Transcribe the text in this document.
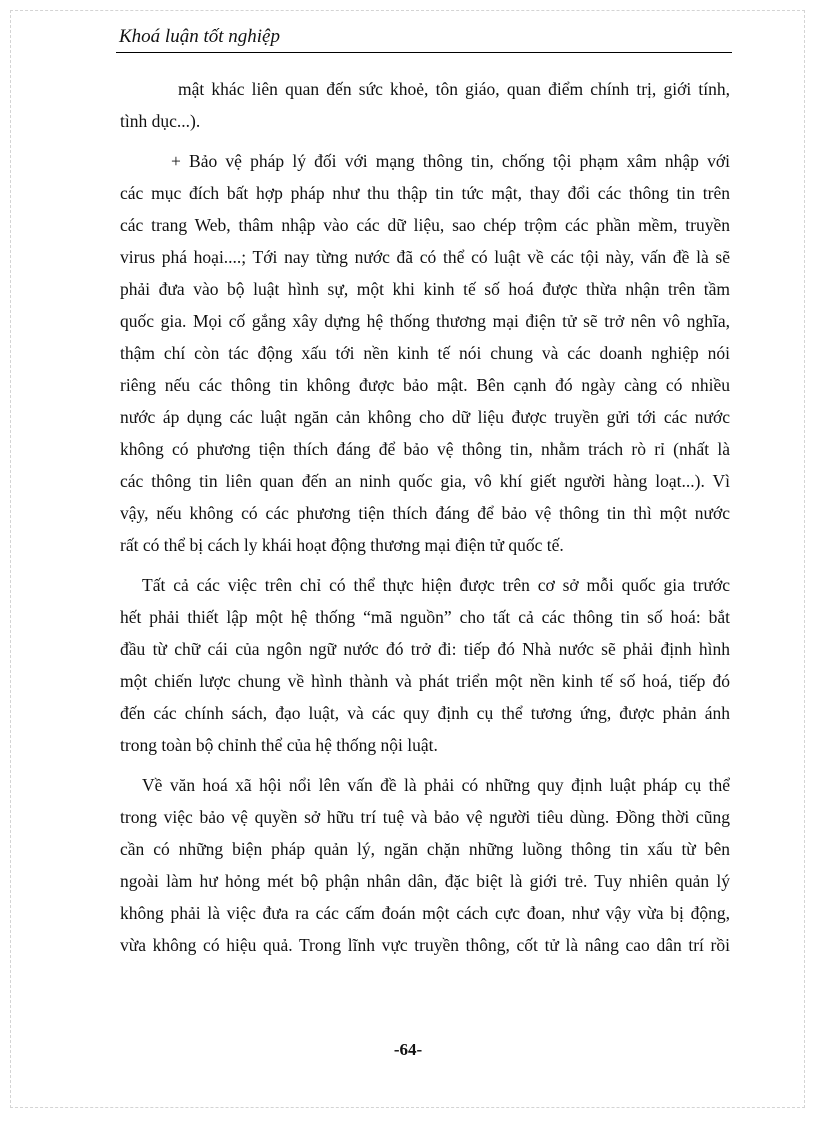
Khoá luận tốt nghiệp
mật khác liên quan đến sức khoẻ, tôn giáo, quan điểm chính trị, giới tính,
tình dục...).
+ Bảo vệ pháp lý đối với mạng thông tin, chống tội phạm xâm nhập với
các mục đích bất hợp pháp như thu thập tin tức mật, thay đổi các thông tin trên
các trang Web, thâm nhập vào các dữ liệu, sao chép trộm các phần mềm, truyền
virus phá hoại....; Tới nay từng nước đã có thể có luật về các tội này, vấn đề là sẽ
phải đưa vào bộ luật hình sự, một khi kinh tế số hoá được thừa nhận trên tầm
quốc gia. Mọi cố gắng xây dựng hệ thống thương mại điện tử sẽ trở nên vô nghĩa,
thậm chí còn tác động xấu tới nền kinh tế nói chung và các doanh nghiệp nói
riêng nếu các thông tin không được bảo mật. Bên cạnh đó ngày càng có nhiều
nước áp dụng các luật ngăn cản không cho dữ liệu được truyền gửi tới các nước
không có phương tiện thích đáng để bảo vệ thông tin, nhằm trách rò rỉ (nhất là
các thông tin liên quan đến an ninh quốc gia, vô khí giết người hàng loạt...). Vì
vậy, nếu không có các phương tiện thích đáng để bảo vệ thông tin thì một nước
rất có thể bị cách ly khái hoạt động thương mại điện tử quốc tế.
Tất cả các việc trên chỉ có thể thực hiện được trên cơ sở mỗi quốc gia trước
hết phải thiết lập một hệ thống “mã nguồn” cho tất cả các thông tin số hoá: bắt
đầu từ chữ cái của ngôn ngữ nước đó trở đi: tiếp đó Nhà nước sẽ phải định hình
một chiến lược chung về hình thành và phát triển một nền kinh tế số hoá, tiếp đó
đến các chính sách, đạo luật, và các quy định cụ thể tương ứng, được phản ánh
trong toàn bộ chỉnh thể của hệ thống nội luật.
Về văn hoá xã hội nổi lên vấn đề là phải có những quy định luật pháp cụ thể
trong việc bảo vệ quyền sở hữu trí tuệ và bảo vệ người tiêu dùng. Đồng thời cũng
cần có những biện pháp quản lý, ngăn chặn những luồng thông tin xấu từ bên
ngoài làm hư hỏng mét bộ phận nhân dân, đặc biệt là giới trẻ. Tuy nhiên quản lý
không phải là việc đưa ra các cấm đoán một cách cực đoan, như vậy vừa bị động,
vừa không có hiệu quả. Trong lĩnh vực truyền thông, cốt tử là nâng cao dân trí rồi
-64-
